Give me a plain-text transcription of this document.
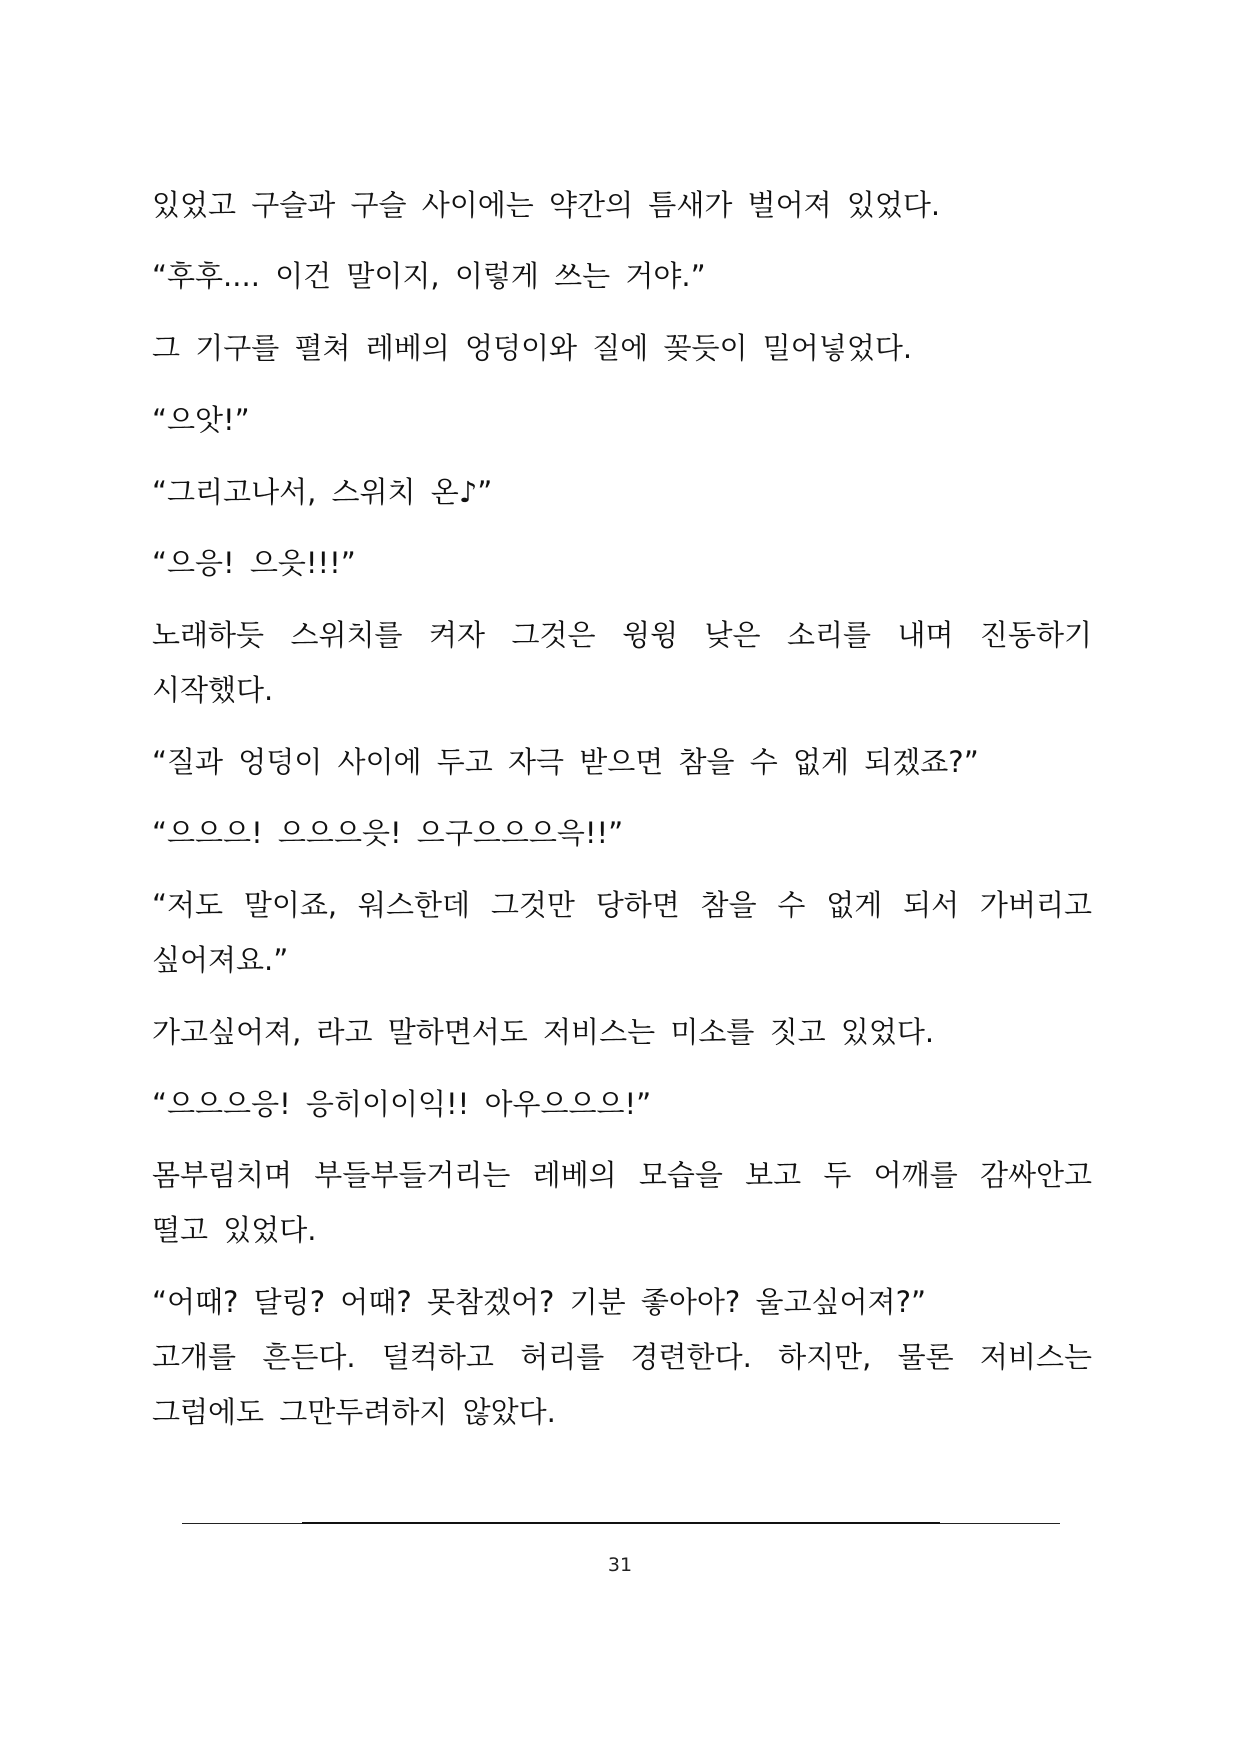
있었고 구슬과 구슬 사이에는 약간의 틈새가 벌어져 있었다.
“후후.... 이건 말이지, 이렇게 쓰는 거야.”
그 기구를 펼쳐 레베의 엉덩이와 질에 꽂듯이 밀어넣었다.
“으앗!”
“그리고나서, 스위치 온♪”
“으응! 으읏!!!”
노래하듯 스위치를 켜자 그것은 윙윙 낮은 소리를 내며 진동하기
시작했다.
“질과 엉덩이 사이에 두고 자극 받으면 참을 수 없게 되겠죠?”
“으으으! 으으으읏! 으구으으으윽!!”
“저도 말이죠, 워스한데 그것만 당하면 참을 수 없게 되서 가버리고
싶어져요.”
가고싶어져, 라고 말하면서도 저비스는 미소를 짓고 있었다.
“으으으응! 응히이이익!! 아우으으으!”
몸부림치며 부들부들거리는 레베의 모습을 보고 두 어깨를 감싸안고
떨고 있었다.
“어때? 달링? 어때? 못참겠어? 기분 좋아아? 울고싶어져?”
고개를 흔든다. 덜컥하고 허리를 경련한다. 하지만, 물론 저비스는
그럼에도 그만두려하지 않았다.
31
